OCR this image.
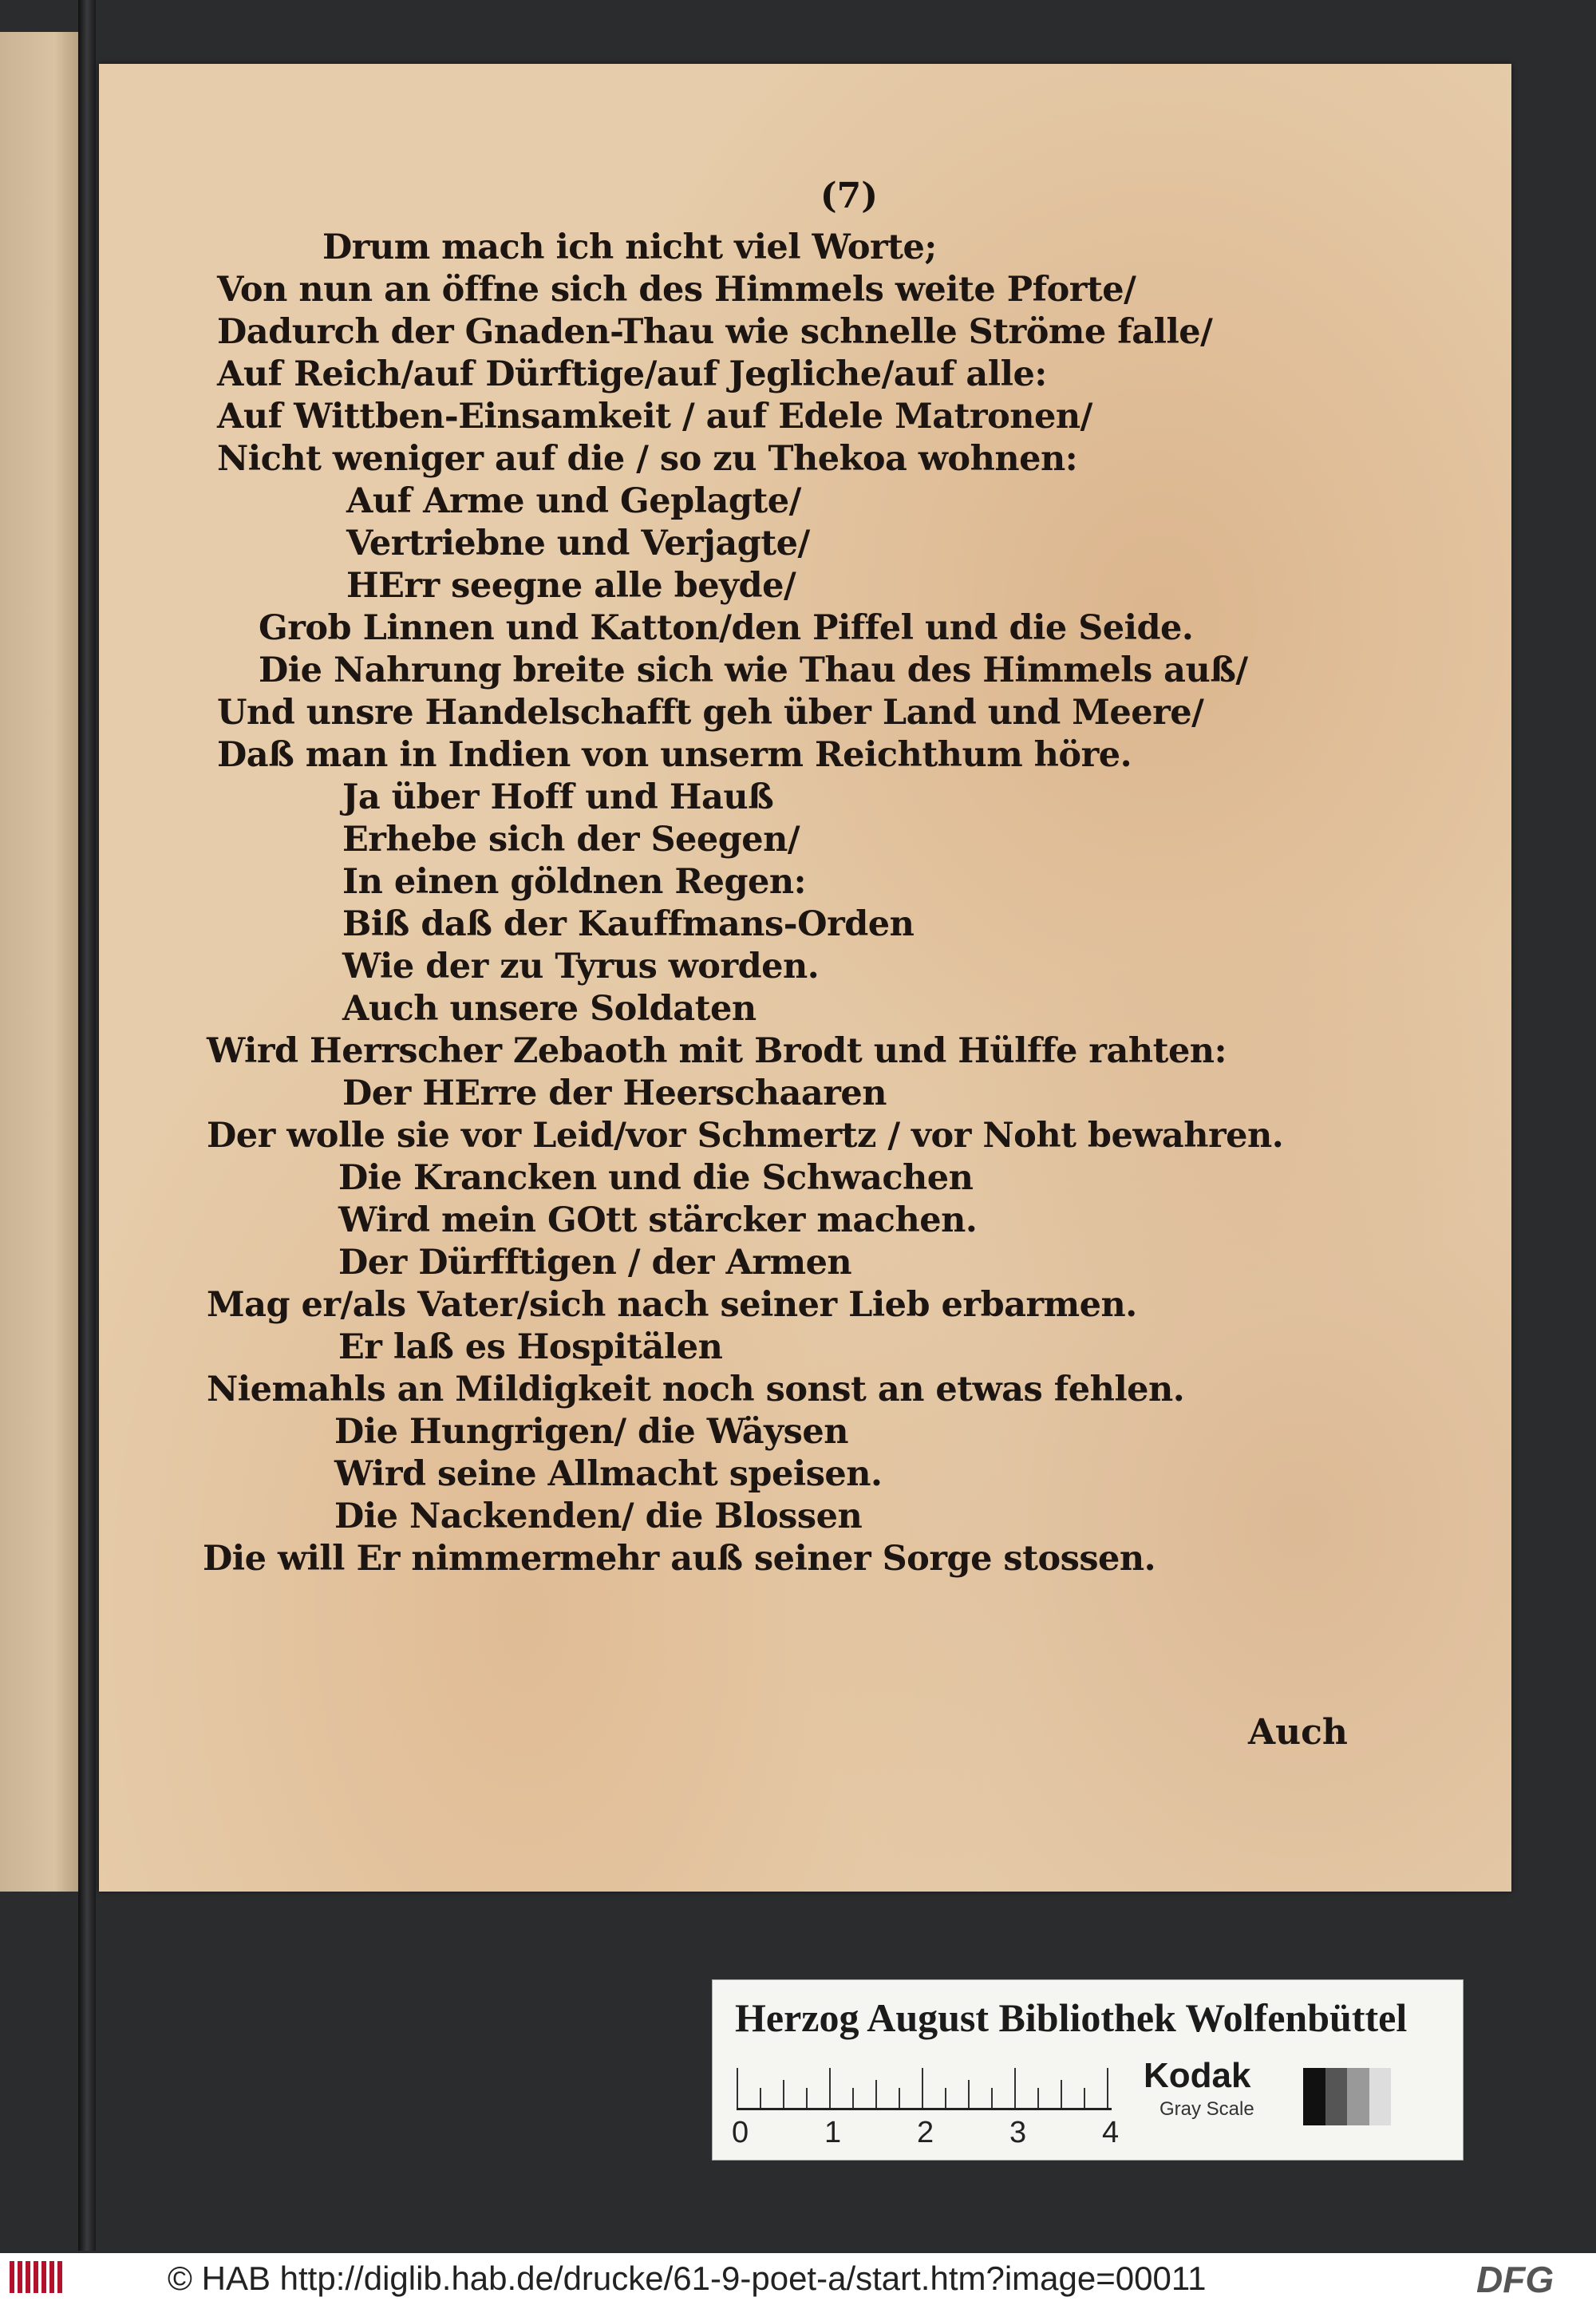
(7)
Drum mach ich nicht viel Worte;
Von nun an öffne sich des Himmels weite Pforte/
Dadurch der Gnaden-Thau wie schnelle Ströme falle/
Auf Reich/auf Dürftige/auf Jegliche/auf alle:
Auf Wittben-Einsamkeit / auf Edele Matronen/
Nicht weniger auf die / so zu Thekoa wohnen:
Auf Arme und Geplagte/
Vertriebne und Verjagte/
HErr seegne alle beyde/
Grob Linnen und Katton/den Piffel und die Seide.
Die Nahrung breite sich wie Thau des Himmels auß/
Und unsre Handelschafft geh über Land und Meere/
Daß man in Indien von unserm Reichthum höre.
Ja über Hoff und Hauß
Erhebe sich der Seegen/
In einen göldnen Regen:
Biß daß der Kauffmans-Orden
Wie der zu Tyrus worden.
Auch unsere Soldaten
Wird Herrscher Zebaoth mit Brodt und Hülffe rahten:
Der HErre der Heerschaaren
Der wolle sie vor Leid/vor Schmertz / vor Noht bewahren.
Die Krancken und die Schwachen
Wird mein GOtt stärcker machen.
Der Dürfftigen / der Armen
Mag er/als Vater/sich nach seiner Lieb erbarmen.
Er laß es Hospitälen
Niemahls an Mildigkeit noch sonst an etwas fehlen.
Die Hungrigen/ die Wäysen
Wird seine Allmacht speisen.
Die Nackenden/ die Blossen
Die will Er nimmermehr auß seiner Sorge stossen.
Auch
Herzog August Bibliothek Wolfenbüttel
0 1 2 3 4
Kodak
Gray Scale
© HAB http://diglib.hab.de/drucke/61-9-poet-a/start.htm?image=00011	DFG
